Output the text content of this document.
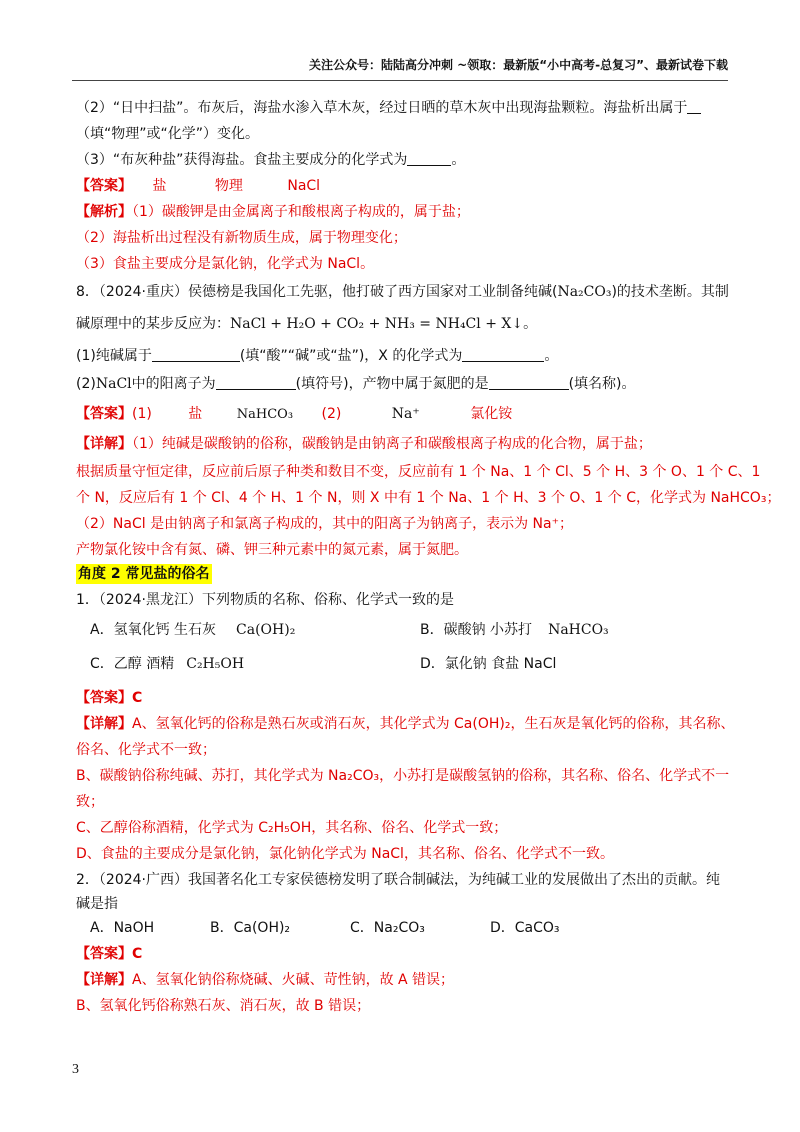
关注公众号：陆陆高分冲刺 ~领取：最新版“小中高考-总复习”、最新试卷下载
（2）“日中扫盐”。布灰后，海盐水渗入草木灰，经过日晒的草木灰中出现海盐颗粒。海盐析出属于
（填“物理”或“化学”）变化。
（3）“布灰种盐”获得海盐。食盐主要成分的化学式为	。
【答案】 盐	物理	NaCl
【解析】（1）碳酸钾是由金属离子和酸根离子构成的，属于盐；
（2）海盐析出过程没有新物质生成，属于物理变化；
（3）食盐主要成分是氯化钠，化学式为 NaCl。
8．（2024·重庆）侯德榜是我国化工先驱，他打破了西方国家对工业制备纯碱(Na₂CO₃)的技术垄断。其制
碱原理中的某步反应为：NaCl + H₂O + CO₂ + NH₃ = NH₄Cl + X↓。
(1)纯碱属于	(填“酸”“碱”或“盐”)，X 的化学式为	。
(2)NaCl中的阳离子为	(填符号)，产物中属于氮肥的是	(填名称)。
【答案】(1)	盐	NaHCO₃ (2)	Na⁺	氯化铵
【详解】（1）纯碱是碳酸钠的俗称，碳酸钠是由钠离子和碳酸根离子构成的化合物，属于盐；
根据质量守恒定律，反应前后原子种类和数目不变，反应前有 1 个 Na、1 个 Cl、5 个 H、3 个 O、1 个 C、1
个 N，反应后有 1 个 Cl、4 个 H、1 个 N，则 X 中有 1 个 Na、1 个 H、3 个 O、1 个 C，化学式为 NaHCO₃；
（2）NaCl 是由钠离子和氯离子构成的，其中的阳离子为钠离子，表示为 Na⁺；
产物氯化铵中含有氮、磷、钾三种元素中的氮元素，属于氮肥。
角度 2 常见盐的俗名
1．（2024·黑龙江）下列物质的名称、俗称、化学式一致的是
A．氢氧化钙 生石灰 Ca(OH)₂	B．碳酸钠 小苏打 NaHCO₃
C．乙醇 酒精 C₂H₅OH	D．氯化钠 食盐 NaCl
【答案】C
【详解】A、氢氧化钙的俗称是熟石灰或消石灰，其化学式为 Ca(OH)₂，生石灰是氧化钙的俗称，其名称、
俗名、化学式不一致；
B、碳酸钠俗称纯碱、苏打，其化学式为 Na₂CO₃，小苏打是碳酸氢钠的俗称，其名称、俗名、化学式不一
致；
C、乙醇俗称酒精，化学式为 C₂H₅OH，其名称、俗名、化学式一致；
D、食盐的主要成分是氯化钠，氯化钠化学式为 NaCl，其名称、俗名、化学式不一致。
2．（2024·广西）我国著名化工专家侯德榜发明了联合制碱法，为纯碱工业的发展做出了杰出的贡献。纯
碱是指
A．NaOH	B．Ca(OH)₂	C．Na₂CO₃	D．CaCO₃
【答案】C
【详解】A、氢氧化钠俗称烧碱、火碱、苛性钠，故 A 错误；
B、氢氧化钙俗称熟石灰、消石灰，故 B 错误；
3
